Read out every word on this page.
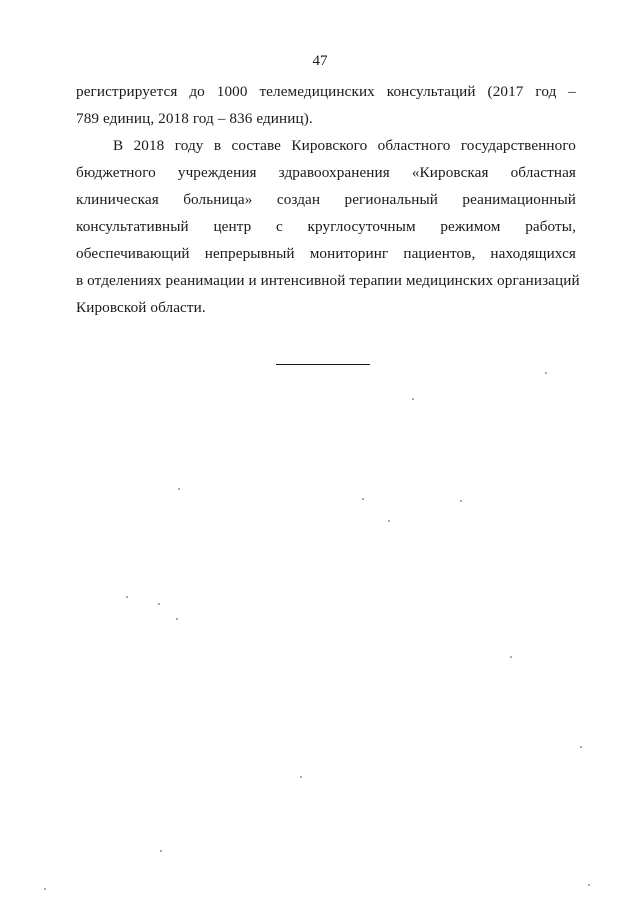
47
регистрируется до 1000 телемедицинских консультаций (2017 год –
789 единиц, 2018 год – 836 единиц).
В 2018 году в составе Кировского областного государственного
бюджетного учреждения здравоохранения «Кировская областная
клиническая больница» создан региональный реанимационный
консультативный центр с круглосуточным режимом работы,
обеспечивающий непрерывный мониторинг пациентов, находящихся
в отделениях реанимации и интенсивной терапии медицинских организаций
Кировской области.
